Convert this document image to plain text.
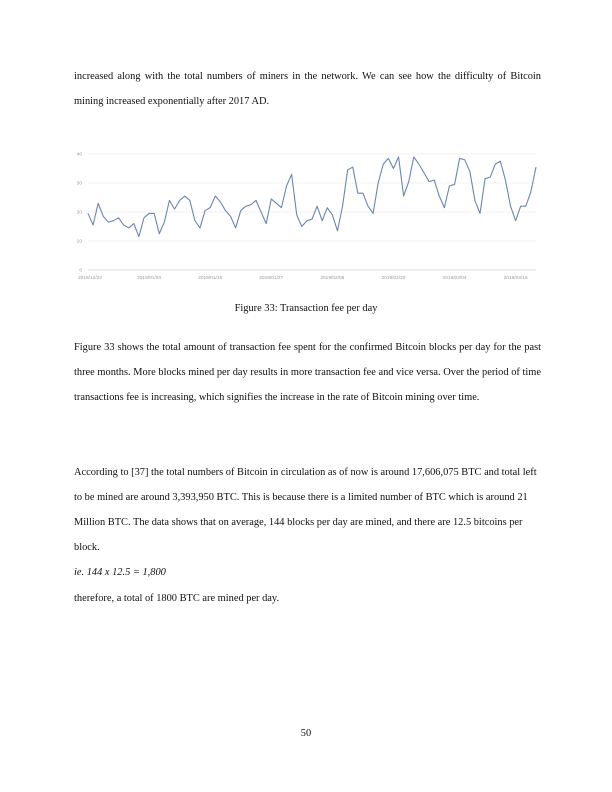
increased along with the total numbers of miners in the network. We can see how the difficulty of Bitcoin mining increased exponentially after 2017 AD.

0
10
20
30
40
2018/12/22	2019/01/03	2019/01/15	2019/01/27	2019/02/08	2019/02/20	2019/03/04	2019/03/16
Figure 33: Transaction fee per day

Figure 33 shows the total amount of transaction fee spent for the confirmed Bitcoin blocks per day for the past three months. More blocks mined per day results in more transaction fee and vice versa. Over the period of time transactions fee is increasing, which signifies the increase in the rate of Bitcoin mining over time.

According to [37] the total numbers of Bitcoin in circulation as of now is around 17,606,075 BTC and total left to be mined are around 3,393,950 BTC. This is because there is a limited number of BTC which is around 21 Million BTC. The data shows that on average, 144 blocks per day are mined, and there are 12.5 bitcoins per block.

ie. 144 x 12.5 = 1,800

therefore, a total of 1800 BTC are mined per day.

50
